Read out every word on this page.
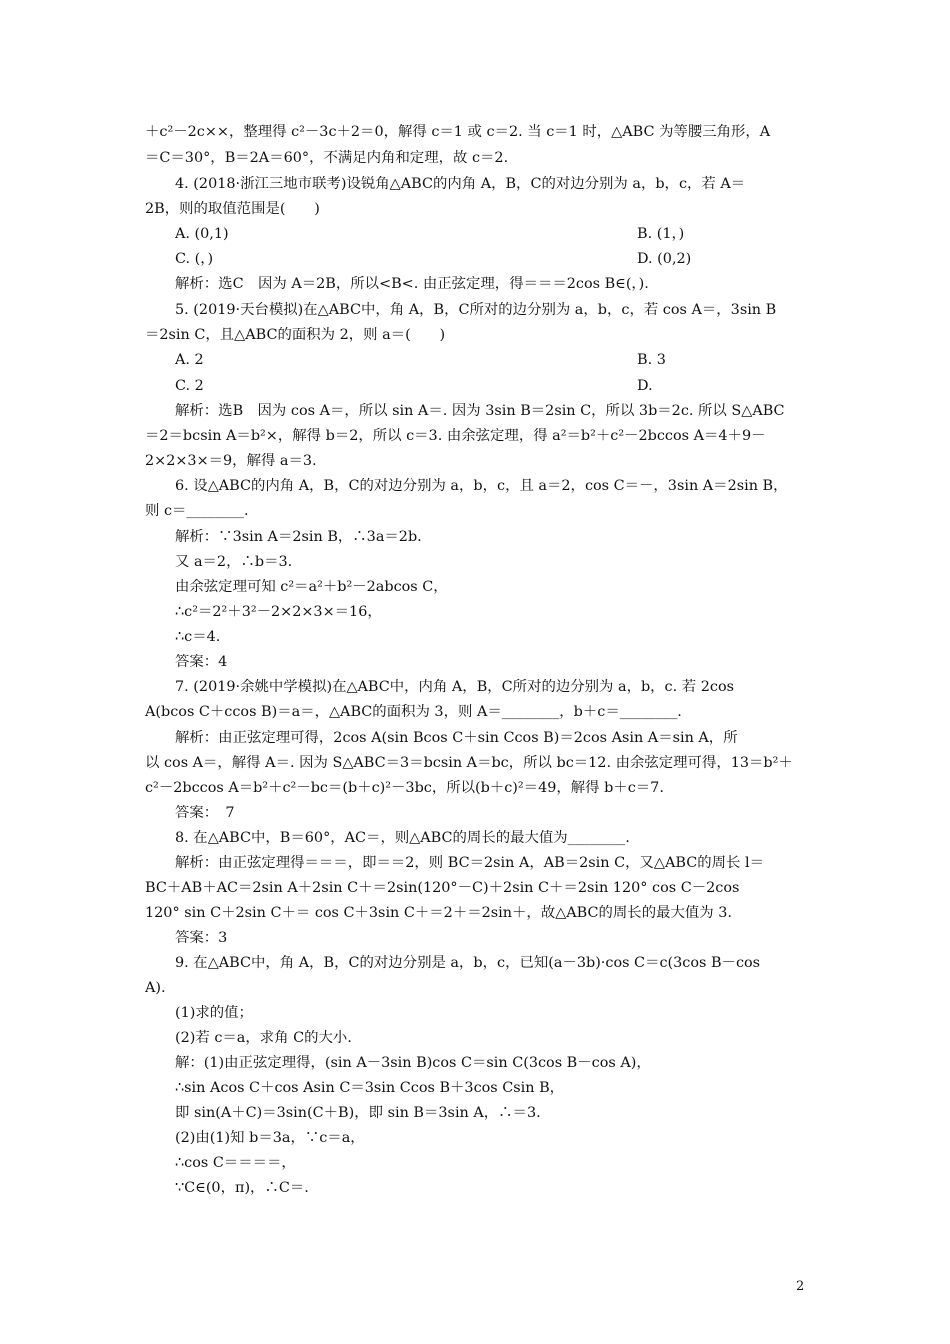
＋c²－2c××，整理得 c²－3c＋2＝0，解得 c＝1 或 c＝2. 当 c＝1 时，△ABC 为等腰三角形，A
＝C＝30°，B＝2A＝60°，不满足内角和定理，故 c＝2.
4. (2018·浙江三地市联考)设锐角△ABC的内角 A，B，C的对边分别为 a，b，c，若 A＝
2B，则的取值范围是(　　)
A. (0,1)	B. (1，)
C. (，)	D. (0,2)
解析：选C　因为 A＝2B，所以<B<. 由正弦定理，得＝＝＝2cos B∈(，).
5. (2019·天台模拟)在△ABC中，角 A，B，C所对的边分别为 a，b，c，若 cos A＝，3sin B
＝2sin C，且△ABC的面积为 2，则 a＝(　　)
A. 2	B. 3
C. 2	D.
解析：选B　因为 cos A＝，所以 sin A＝. 因为 3sin B＝2sin C，所以 3b＝2c. 所以 S△ABC
＝2＝bcsin A＝b²×，解得 b＝2，所以 c＝3. 由余弦定理，得 a²＝b²＋c²－2bccos A＝4＋9－
2×2×3×＝9，解得 a＝3.
6. 设△ABC的内角 A，B，C的对边分别为 a，b，c，且 a＝2，cos C＝－，3sin A＝2sin B，
则 c＝________.
解析：∵3sin A＝2sin B，∴3a＝2b.
又 a＝2，∴b＝3.
由余弦定理可知 c²＝a²＋b²－2abcos C，
∴c²＝2²＋3²－2×2×3×＝16，
∴c＝4.
答案：4
7. (2019·余姚中学模拟)在△ABC中，内角 A，B，C所对的边分别为 a，b，c. 若 2cos
A(bcos C＋ccos B)＝a＝，△ABC的面积为 3，则 A＝________，b＋c＝________.
解析：由正弦定理可得，2cos A(sin Bcos C＋sin Ccos B)＝2cos Asin A＝sin A，所
以 cos A＝，解得 A＝. 因为 S△ABC＝3＝bcsin A＝bc，所以 bc＝12. 由余弦定理可得，13＝b²＋
c²－2bccos A＝b²＋c²－bc＝(b＋c)²－3bc，所以(b＋c)²＝49，解得 b＋c＝7.
答案：　7
8. 在△ABC中，B＝60°，AC＝，则△ABC的周长的最大值为________.
解析：由正弦定理得＝＝＝，即＝＝2，则 BC＝2sin A，AB＝2sin C，又△ABC的周长 l＝
BC＋AB＋AC＝2sin A＋2sin C＋＝2sin(120°－C)＋2sin C＋＝2sin 120° cos C－2cos
120° sin C＋2sin C＋＝ cos C＋3sin C＋＝2＋＝2sin＋，故△ABC的周长的最大值为 3.
答案：3
9. 在△ABC中，角 A，B，C的对边分别是 a，b，c，已知(a－3b)·cos C＝c(3cos B－cos
A).
(1)求的值；
(2)若 c＝a，求角 C的大小.
解：(1)由正弦定理得，(sin A－3sin B)cos C＝sin C(3cos B－cos A)，
∴sin Acos C＋cos Asin C＝3sin Ccos B＋3cos Csin B，
即 sin(A＋C)＝3sin(C＋B)，即 sin B＝3sin A，∴＝3.
(2)由(1)知 b＝3a，∵c＝a，
∴cos C＝＝＝＝，
∵C∈(0，π)，∴C＝.
2
